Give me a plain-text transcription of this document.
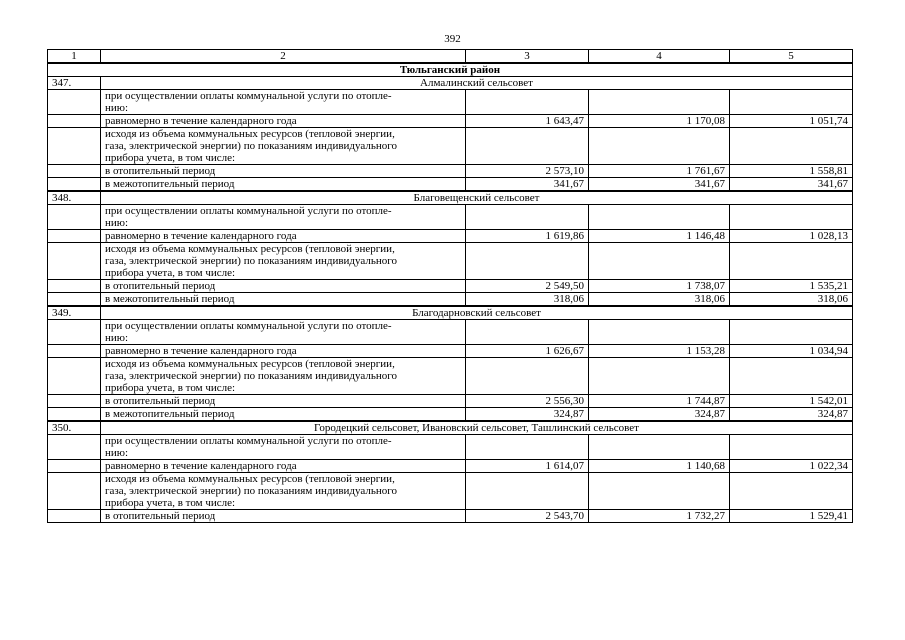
392
1	2	3	4	5
Тюльганский район				
347.	Алмалинский сельсовет			
	при осуществлении оплаты коммунальной услуги по отопле-
нию:			
	равномерно в течение календарного года	1 643,47	1 170,08	1 051,74
	исходя из объема коммунальных ресурсов (тепловой энергии,
газа, электрической энергии) по показаниям индивидуального
прибора учета, в том числе:			
	в отопительный период	2 573,10	1 761,67	1 558,81
	в межотопительный период	341,67	341,67	341,67
348.	Благовещенский сельсовет			
	при осуществлении оплаты коммунальной услуги по отопле-
нию:			
	равномерно в течение календарного года	1 619,86	1 146,48	1 028,13
	исходя из объема коммунальных ресурсов (тепловой энергии,
газа, электрической энергии) по показаниям индивидуального
прибора учета, в том числе:			
	в отопительный период	2 549,50	1 738,07	1 535,21
	в межотопительный период	318,06	318,06	318,06
349.	Благодарновский сельсовет			
	при осуществлении оплаты коммунальной услуги по отопле-
нию:			
	равномерно в течение календарного года	1 626,67	1 153,28	1 034,94
	исходя из объема коммунальных ресурсов (тепловой энергии,
газа, электрической энергии) по показаниям индивидуального
прибора учета, в том числе:			
	в отопительный период	2 556,30	1 744,87	1 542,01
	в межотопительный период	324,87	324,87	324,87
350.	Городецкий сельсовет, Ивановский сельсовет, Ташлинский сельсовет			
	при осуществлении оплаты коммунальной услуги по отопле-
нию:			
	равномерно в течение календарного года	1 614,07	1 140,68	1 022,34
	исходя из объема коммунальных ресурсов (тепловой энергии,
газа, электрической энергии) по показаниям индивидуального
прибора учета, в том числе:			
	в отопительный период	2 543,70	1 732,27	1 529,41
